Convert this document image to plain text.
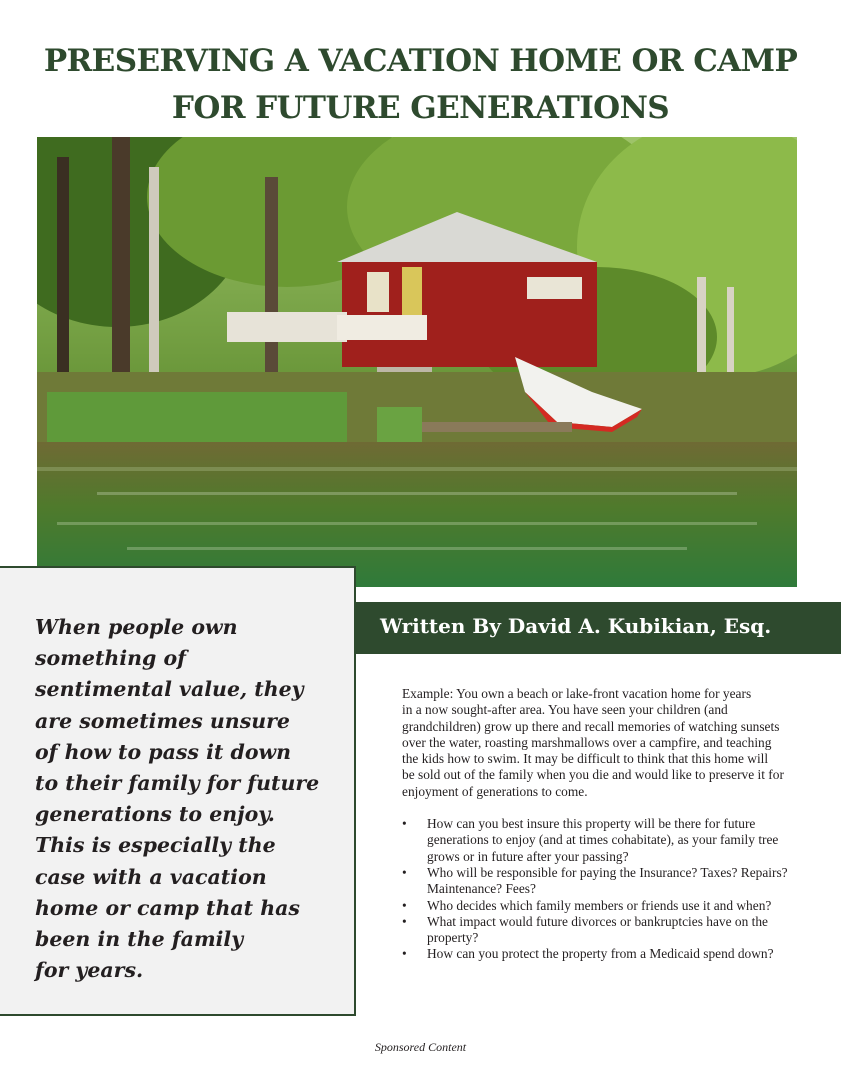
PRESERVING A VACATION HOME OR CAMP
FOR FUTURE GENERATIONS
When people own
something of
sentimental value, they
are sometimes unsure
of how to pass it down
to their family for future
generations to enjoy.
This is especially the
case with a vacation
home or camp that has
been in the family
for years.
Written By David A. Kubikian, Esq.
Example: You own a beach or lake-front vacation home for years
in a now sought-after area. You have seen your children (and
grandchildren) grow up there and recall memories of watching sunsets
over the water, roasting marshmallows over a campfire, and teaching
the kids how to swim. It may be difficult to think that this home will
be sold out of the family when you die and would like to preserve it for
enjoyment of generations to come.
• How can you best insure this property will be there for future
generations to enjoy (and at times cohabitate), as your family tree
grows or in future after your passing?
• Who will be responsible for paying the Insurance? Taxes? Repairs?
Maintenance? Fees?
• Who decides which family members or friends use it and when?
• What impact would future divorces or bankruptcies have on the
property?
• How can you protect the property from a Medicaid spend down?
Sponsored Content
